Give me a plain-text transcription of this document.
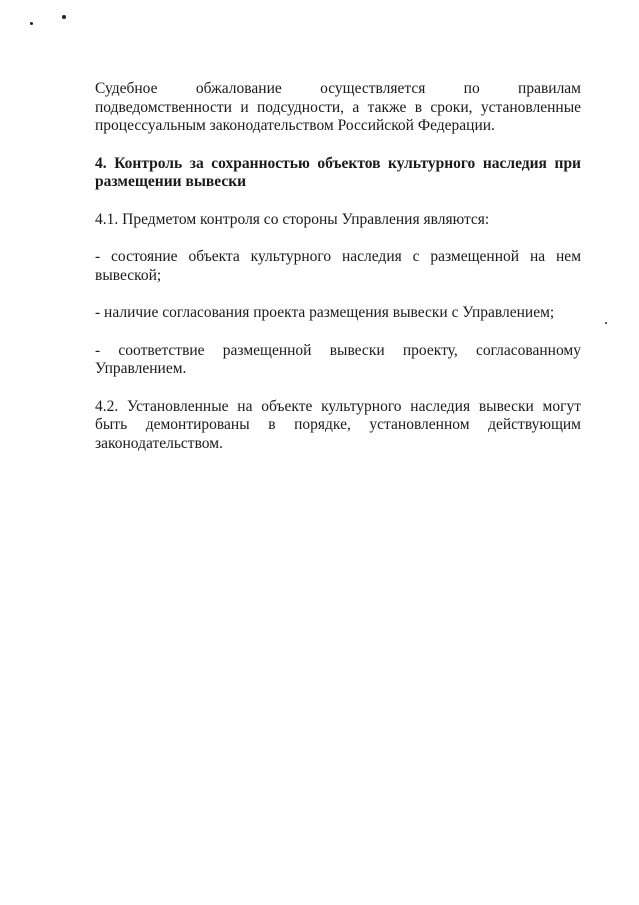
Судебное обжалование осуществляется по правилам подведомственности и подсудности, а также в сроки, установленные процессуальным законодательством Российской Федерации.

4. Контроль за сохранностью объектов культурного наследия при размещении вывески

4.1. Предметом контроля со стороны Управления являются:

- состояние объекта культурного наследия с размещенной на нем вывеской;

- наличие согласования проекта размещения вывески с Управлением;

- соответствие размещенной вывески проекту, согласованному Управлением.

4.2. Установленные на объекте культурного наследия вывески могут быть демонтированы в порядке, установленном действующим законодательством.
